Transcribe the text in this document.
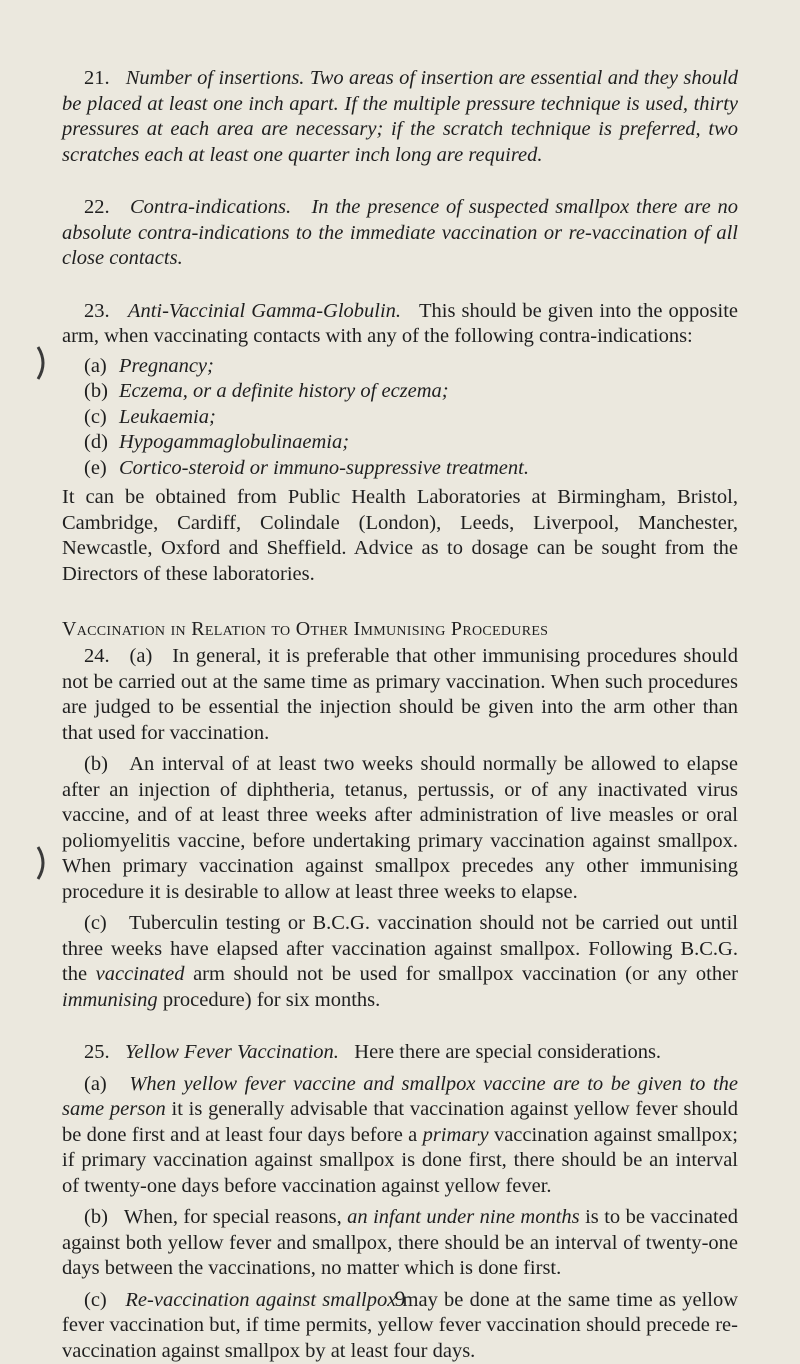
21. Number of insertions. Two areas of insertion are essential and they should be placed at least one inch apart. If the multiple pressure technique is used, thirty pressures at each area are necessary; if the scratch technique is preferred, two scratches each at least one quarter inch long are required.

22. Contra-indications. In the presence of suspected smallpox there are no absolute contra-indications to the immediate vaccination or re-vaccination of all close contacts.

23. Anti-Vaccinial Gamma-Globulin. This should be given into the opposite arm, when vaccinating contacts with any of the following contra-indications:

(a) Pregnancy;
(b) Eczema, or a definite history of eczema;
(c) Leukaemia;
(d) Hypogammaglobulinaemia;
(e) Cortico-steroid or immuno-suppressive treatment.

It can be obtained from Public Health Laboratories at Birmingham, Bristol, Cambridge, Cardiff, Colindale (London), Leeds, Liverpool, Manchester, Newcastle, Oxford and Sheffield. Advice as to dosage can be sought from the Directors of these laboratories.

Vaccination in Relation to Other Immunising Procedures

24. (a) In general, it is preferable that other immunising procedures should not be carried out at the same time as primary vaccination. When such procedures are judged to be essential the injection should be given into the arm other than that used for vaccination.

(b) An interval of at least two weeks should normally be allowed to elapse after an injection of diphtheria, tetanus, pertussis, or of any inactivated virus vaccine, and of at least three weeks after administration of live measles or oral poliomyelitis vaccine, before undertaking primary vaccination against smallpox. When primary vaccination against smallpox precedes any other immunising procedure it is desirable to allow at least three weeks to elapse.

(c) Tuberculin testing or B.C.G. vaccination should not be carried out until three weeks have elapsed after vaccination against smallpox. Following B.C.G. the vaccinated arm should not be used for smallpox vaccination (or any other immunising procedure) for six months.

25. Yellow Fever Vaccination. Here there are special considerations.

(a) When yellow fever vaccine and smallpox vaccine are to be given to the same person it is generally advisable that vaccination against yellow fever should be done first and at least four days before a primary vaccination against smallpox; if primary vaccination against smallpox is done first, there should be an interval of twenty-one days before vaccination against yellow fever.

(b) When, for special reasons, an infant under nine months is to be vaccinated against both yellow fever and smallpox, there should be an interval of twenty-one days between the vaccinations, no matter which is done first.

(c) Re-vaccination against smallpox may be done at the same time as yellow fever vaccination but, if time permits, yellow fever vaccination should precede re-vaccination against smallpox by at least four days.

9
